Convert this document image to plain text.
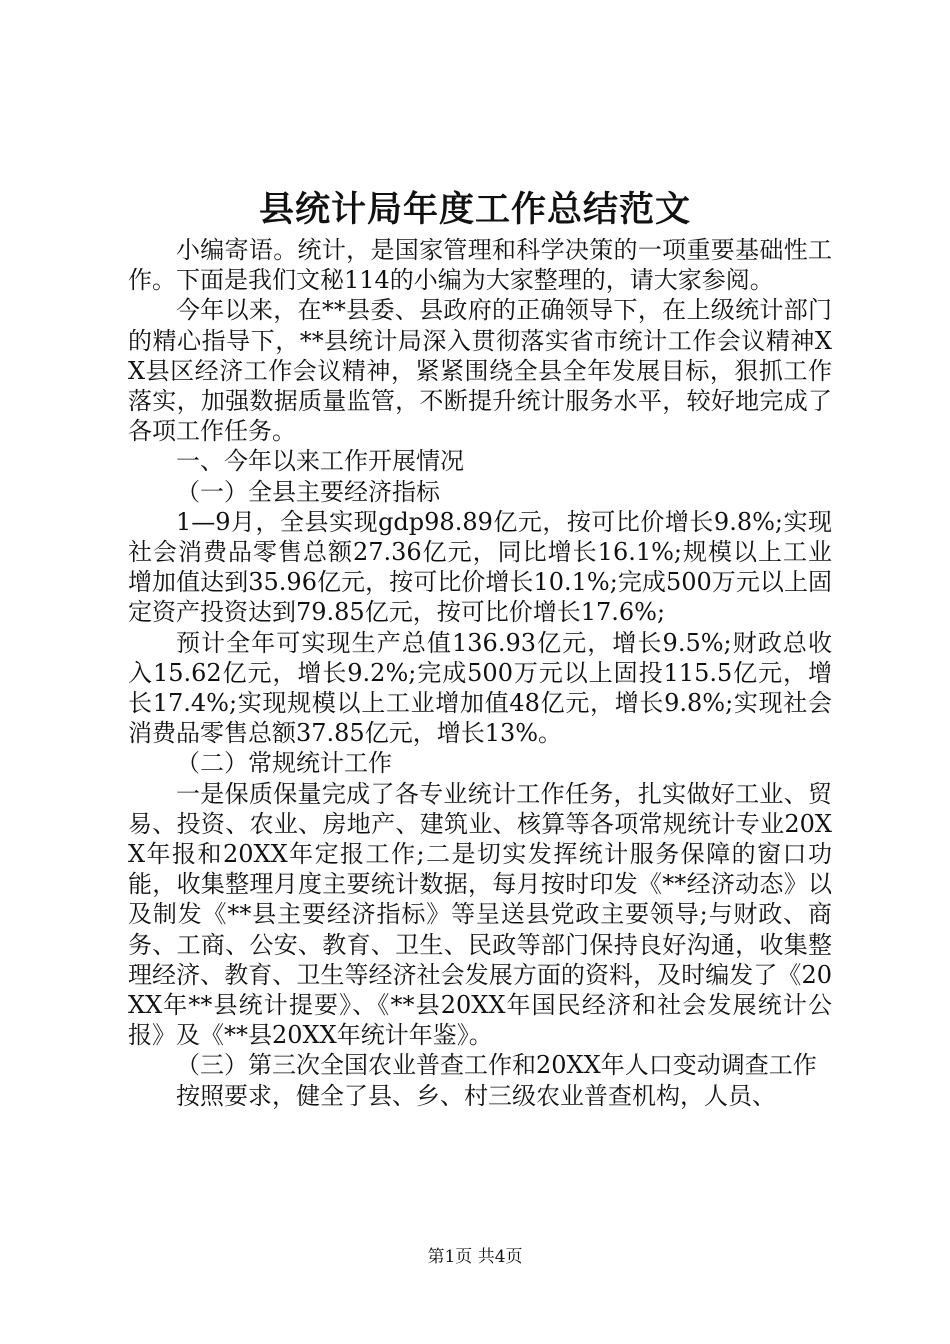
县统计局年度工作总结范文

小编寄语。统计，是国家管理和科学决策的一项重要基础性工作。下面是我们文秘114的小编为大家整理的，请大家参阅。

今年以来，在**县委、县政府的正确领导下，在上级统计部门的精心指导下，**县统计局深入贯彻落实省市统计工作会议精神XX县区经济工作会议精神，紧紧围绕全县全年发展目标，狠抓工作落实，加强数据质量监管，不断提升统计服务水平，较好地完成了各项工作任务。

一、今年以来工作开展情况

（一）全县主要经济指标

1—9月，全县实现gdp98.89亿元，按可比价增长9.8%;实现社会消费品零售总额27.36亿元，同比增长16.1%;规模以上工业增加值达到35.96亿元，按可比价增长10.1%;完成500万元以上固定资产投资达到79.85亿元，按可比价增长17.6%;

预计全年可实现生产总值136.93亿元，增长9.5%;财政总收入15.62亿元，增长9.2%;完成500万元以上固投115.5亿元，增长17.4%;实现规模以上工业增加值48亿元，增长9.8%;实现社会消费品零售总额37.85亿元，增长13%。

（二）常规统计工作

一是保质保量完成了各专业统计工作任务，扎实做好工业、贸易、投资、农业、房地产、建筑业、核算等各项常规统计专业20XX年报和20XX年定报工作;二是切实发挥统计服务保障的窗口功能，收集整理月度主要统计数据，每月按时印发《**经济动态》以及制发《**县主要经济指标》等呈送县党政主要领导;与财政、商务、工商、公安、教育、卫生、民政等部门保持良好沟通，收集整理经济、教育、卫生等经济社会发展方面的资料，及时编发了《20XX年**县统计提要》、《**县20XX年国民经济和社会发展统计公报》及《**县20XX年统计年鉴》。

（三）第三次全国农业普查工作和20XX年人口变动调查工作

按照要求，健全了县、乡、村三级农业普查机构，人员、

第1页 共4页
